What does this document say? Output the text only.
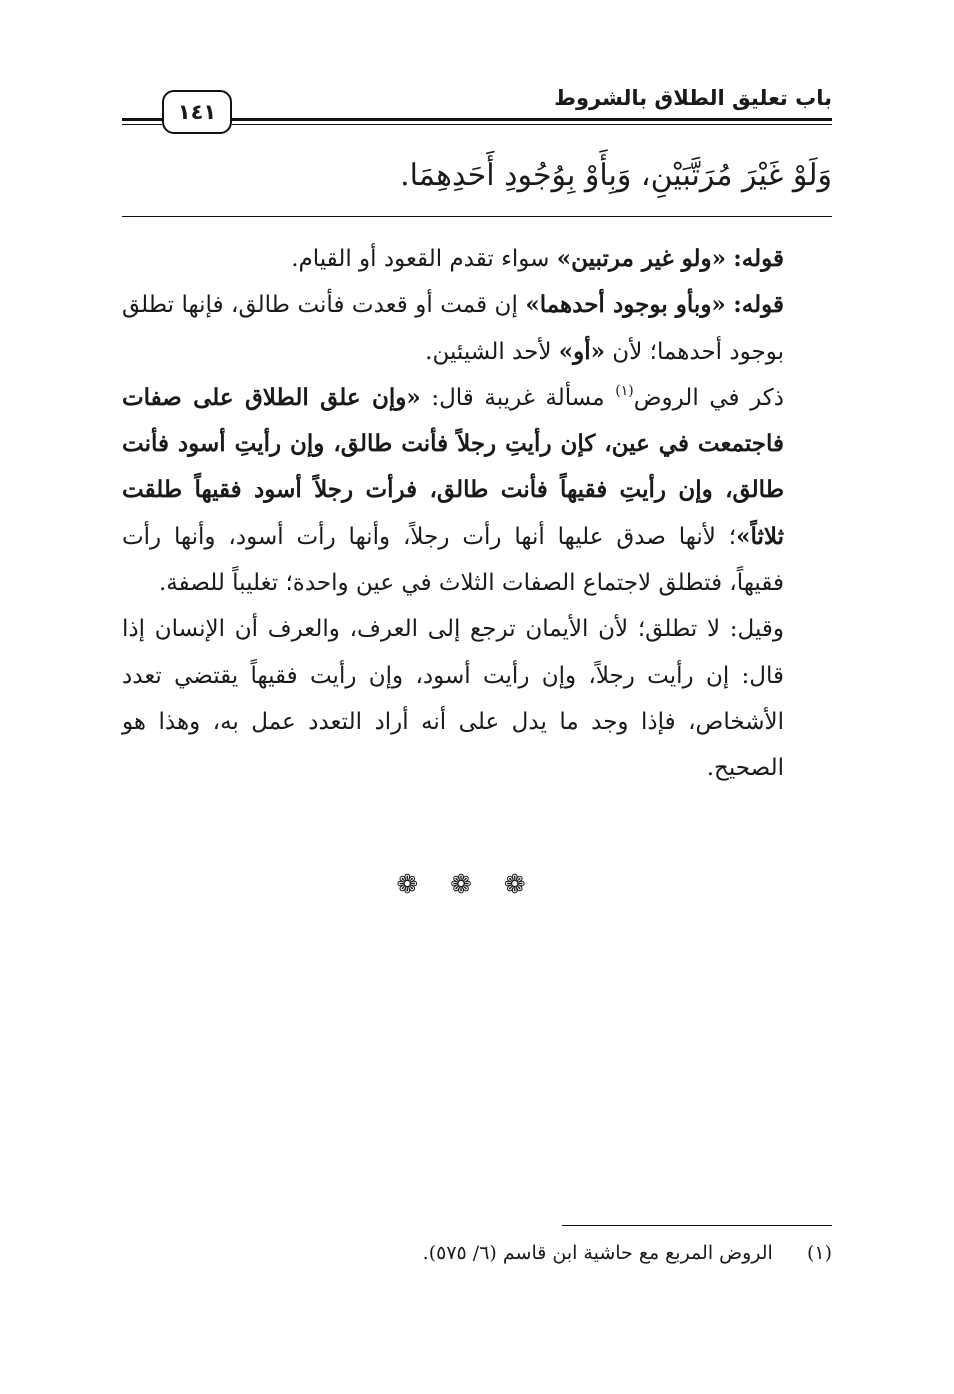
باب تعليق الطلاق بالشروط
١٤١
وَلَوْ غَيْرَ مُرَتَّبَيْنِ، وَبِأَوْ بِوُجُودِ أَحَدِهِمَا.

قوله: «ولو غير مرتبين» سواء تقدم القعود أو القيام.

قوله: «وبأو بوجود أحدهما» إن قمت أو قعدت فأنت طالق، فإنها تطلق بوجود أحدهما؛ لأن «أو» لأحد الشيئين.

ذكر في الروض$^{(١)}$ مسألة غريبة قال: «وإن علق الطلاق على صفات فاجتمعت في عين، كإن رأيتِ رجلاً فأنت طالق، وإن رأيتِ أسود فأنت طالق، وإن رأيتِ فقيهاً فأنت طالق، فرأت رجلاً أسود فقيهاً طلقت ثلاثاً»؛ لأنها صدق عليها أنها رأت رجلاً، وأنها رأت أسود، وأنها رأت فقيهاً، فتطلق لاجتماع الصفات الثلاث في عين واحدة؛ تغليباً للصفة.

وقيل: لا تطلق؛ لأن الأيمان ترجع إلى العرف، والعرف أن الإنسان إذا قال: إن رأيت رجلاً، وإن رأيت أسود، وإن رأيت فقيهاً يقتضي تعدد الأشخاص، فإذا وجد ما يدل على أنه أراد التعدد عمل به، وهذا هو الصحيح.

❁❁❁
(١)  الروض المربع مع حاشية ابن قاسم (٦/ ٥٧٥).
